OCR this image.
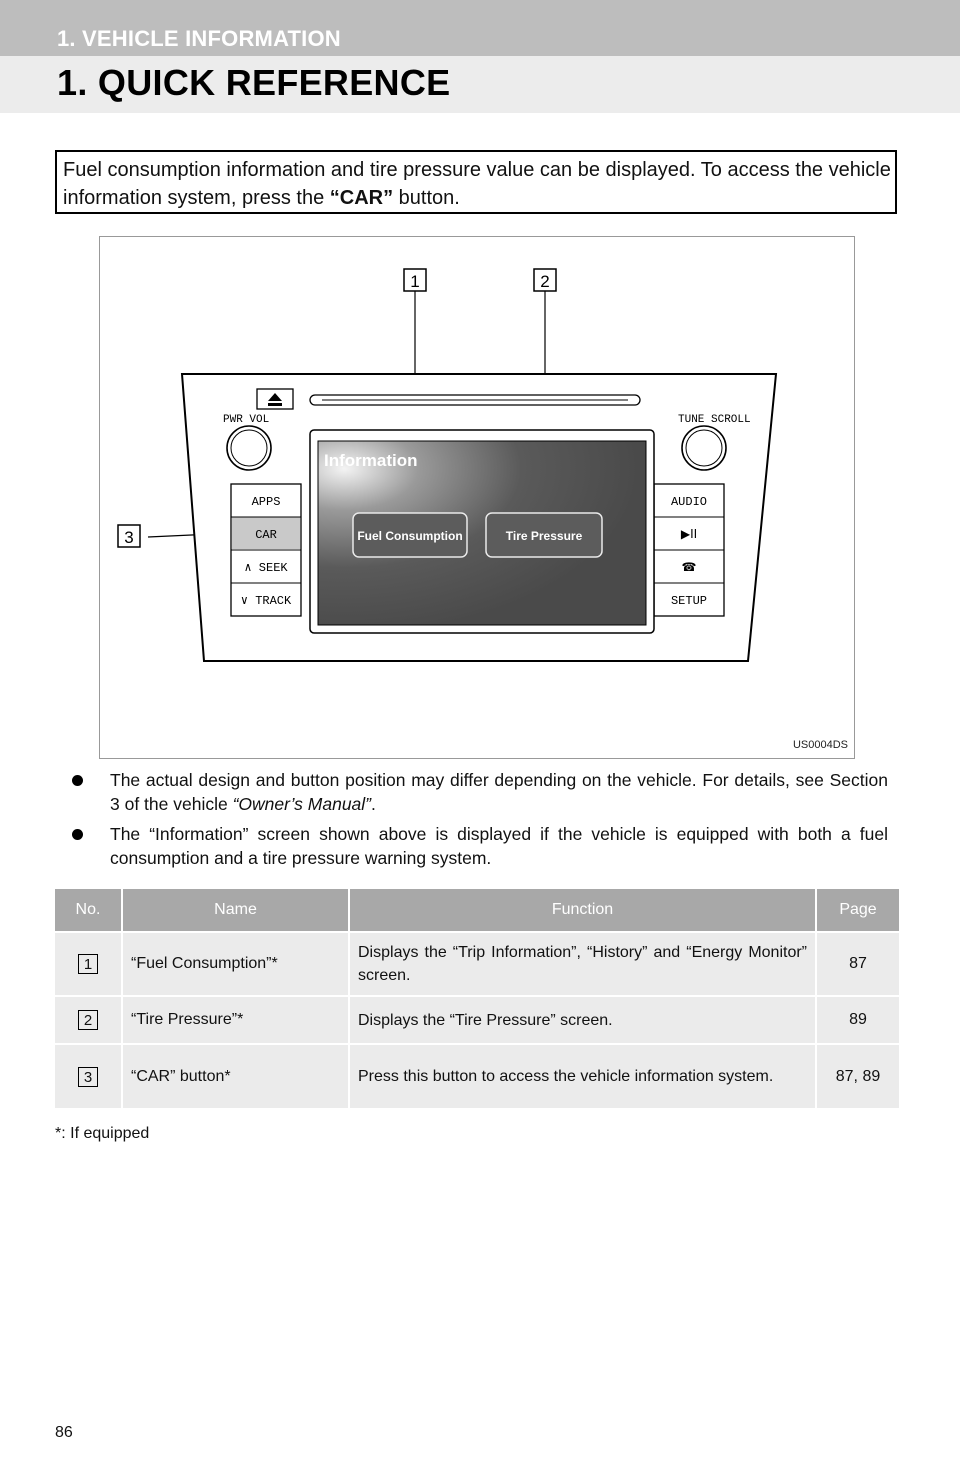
1. VEHICLE INFORMATION
1. QUICK REFERENCE
Fuel consumption information and tire pressure value can be displayed. To access the vehicle information system, press the “CAR” button.
1	2
3
PWR VOL	TUNE SCROLL
APPS
CAR
∧ SEEK
∨ TRACK
AUDIO
▶II
☎
SETUP
Information
Fuel Consumption	Tire Pressure
US0004DS
The actual design and button position may differ depending on the vehicle. For details, see Section 3 of the vehicle “Owner’s Manual”.
The “Information” screen shown above is displayed if the vehicle is equipped with both a fuel consumption and a tire pressure warning system.
No.	Name	Function	Page
1	“Fuel Consumption”*	Displays the “Trip Information”, “History” and “Energy Monitor” screen.	87
2	“Tire Pressure”*	Displays the “Tire Pressure” screen.	89
3	“CAR” button*	Press this button to access the vehicle information system.	87, 89
*: If equipped
86
